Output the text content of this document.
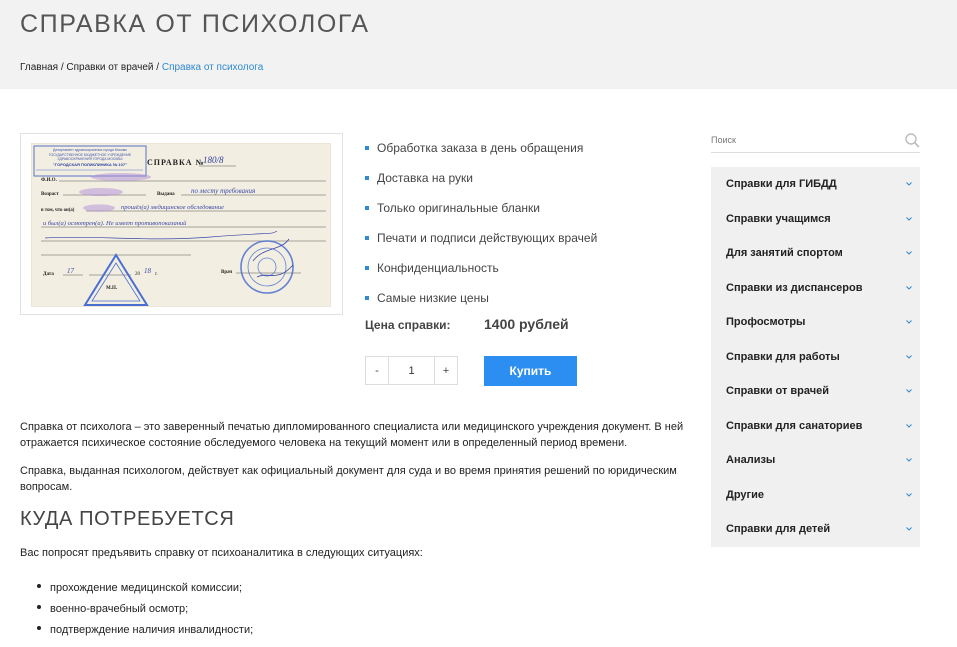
СПРАВКА ОТ ПСИХОЛОГА
Главная / Справки от врачей / Справка от психолога
Департамент здравоохранения города Москвы
ГОСУДАРСТВЕННОЕ БЮДЖЕТНОЕ УЧРЕЖДЕНИЕ
ЗДРАВООХРАНЕНИЯ ГОРОДА МОСКВЫ
"ГОРОДСКАЯ ПОЛИКЛИНИКА № 107"	СПРАВКА №
180/8
Ф.И.О.
Возраст	Выдана по месту требования
в том, что он(а)	прошёл(а) медицинское обследование
и был(а) осмотрен(а). Не имеет противопоказаний
Дата 17	20 18 г.	Врач
М.П.
Обработка заказа в день обращения
Доставка на руки
Только оригинальные бланки
Печати и подписи действующих врачей
Конфиденциальность
Самые низкие цены
Цена справки: 1400 рублей
-
1	+	Купить

Справка от психолога – это заверенный печатью дипломированного специалиста или медицинского учреждения документ. В ней отражается психическое состояние обследуемого человека на текущий момент или в определенный период времени.

Справка, выданная психологом, действует как официальный документ для суда и во время принятия решений по юридическим вопросам.

КУДА ПОТРЕБУЕТСЯ

Вас попросят предъявить справку от психоаналитика в следующих ситуациях:

прохождение медицинской комиссии;
военно-врачебный осмотр;
подтверждение наличия инвалидности;
Поиск
Справки для ГИБДД
Справки учащимся
Для занятий спортом
Справки из диспансеров
Профосмотры
Справки для работы
Справки от врачей
Справки для санаториев
Анализы
Другие
Справки для детей
